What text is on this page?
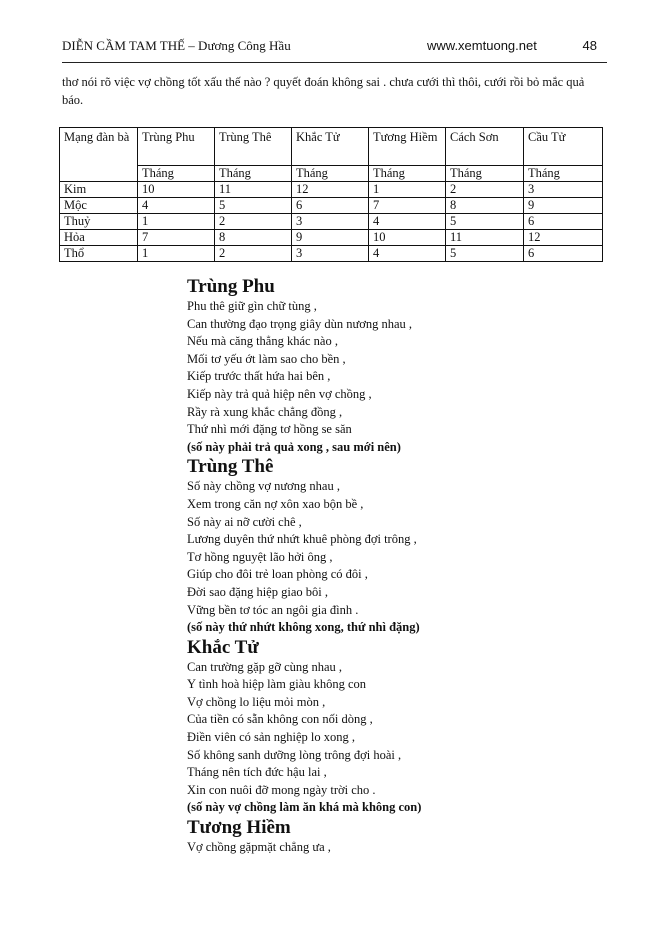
DIỄN CẦM TAM THẾ – Dương Công Hầu	www.xemtuong.net	48
thơ nói rõ việc vợ chồng tốt xấu thế nào ? quyết đoán không sai . chưa cưới thì thôi, cưới rồi bỏ mắc quả báo.
Mạng đàn bà	Trùng Phu	Trùng Thê	Khắc Tử	Tương Hiềm	Cách Sơn	Cầu Tử
	Tháng	Tháng	Tháng	Tháng	Tháng	Tháng
Kim	10	11	12	1	2	3
Mộc	4	5	6	7	8	9
Thuỷ	1	2	3	4	5	6
Hỏa	7	8	9	10	11	12
Thổ	1	2	3	4	5	6

Trùng Phu

Phu thê giữ gìn chữ tùng ,

Can thường đạo trọng giây dùn nương nhau ,

Nếu mà căng thẳng khác nào ,

Mối tơ yếu ớt làm sao cho bền ,

Kiếp trước thất hứa hai bên ,

Kiếp này trả quả hiệp nên vợ chồng ,

Rầy rà xung khắc chẳng đồng ,

Thứ nhì mới đặng tơ hồng se săn

(số này phải trả quả xong , sau mới nên)

Trùng Thê

Số này chồng vợ nương nhau ,

Xem trong căn nợ xôn xao bộn bề ,

Số này ai nỡ cười chê ,

Lương duyên thứ nhứt khuê phòng đợi trông ,

Tơ hồng nguyệt lão hởi ông ,

Giúp cho đôi trẻ loan phòng có đôi ,

Đời sao đặng hiệp giao bôi ,

Vững bền tơ tóc an ngôi gia đình .

(số này thứ nhứt không xong, thứ nhì đặng)

Khắc Tử

Can trường gặp gỡ cùng nhau ,

Y tình hoà hiệp làm giàu không con

Vợ chồng lo liệu mỏi mòn ,

Của tiền có sẵn không con nối dòng ,

Điền viên có sản nghiệp lo xong ,

Số không sanh dưỡng lòng trông đợi hoài ,

Tháng nên tích đức hậu lai ,

Xin con nuôi đỡ mong ngày trời cho .

(số này vợ chồng làm ăn khá mà không con)

Tương Hiềm

Vợ chồng gặpmặt chẳng ưa ,
